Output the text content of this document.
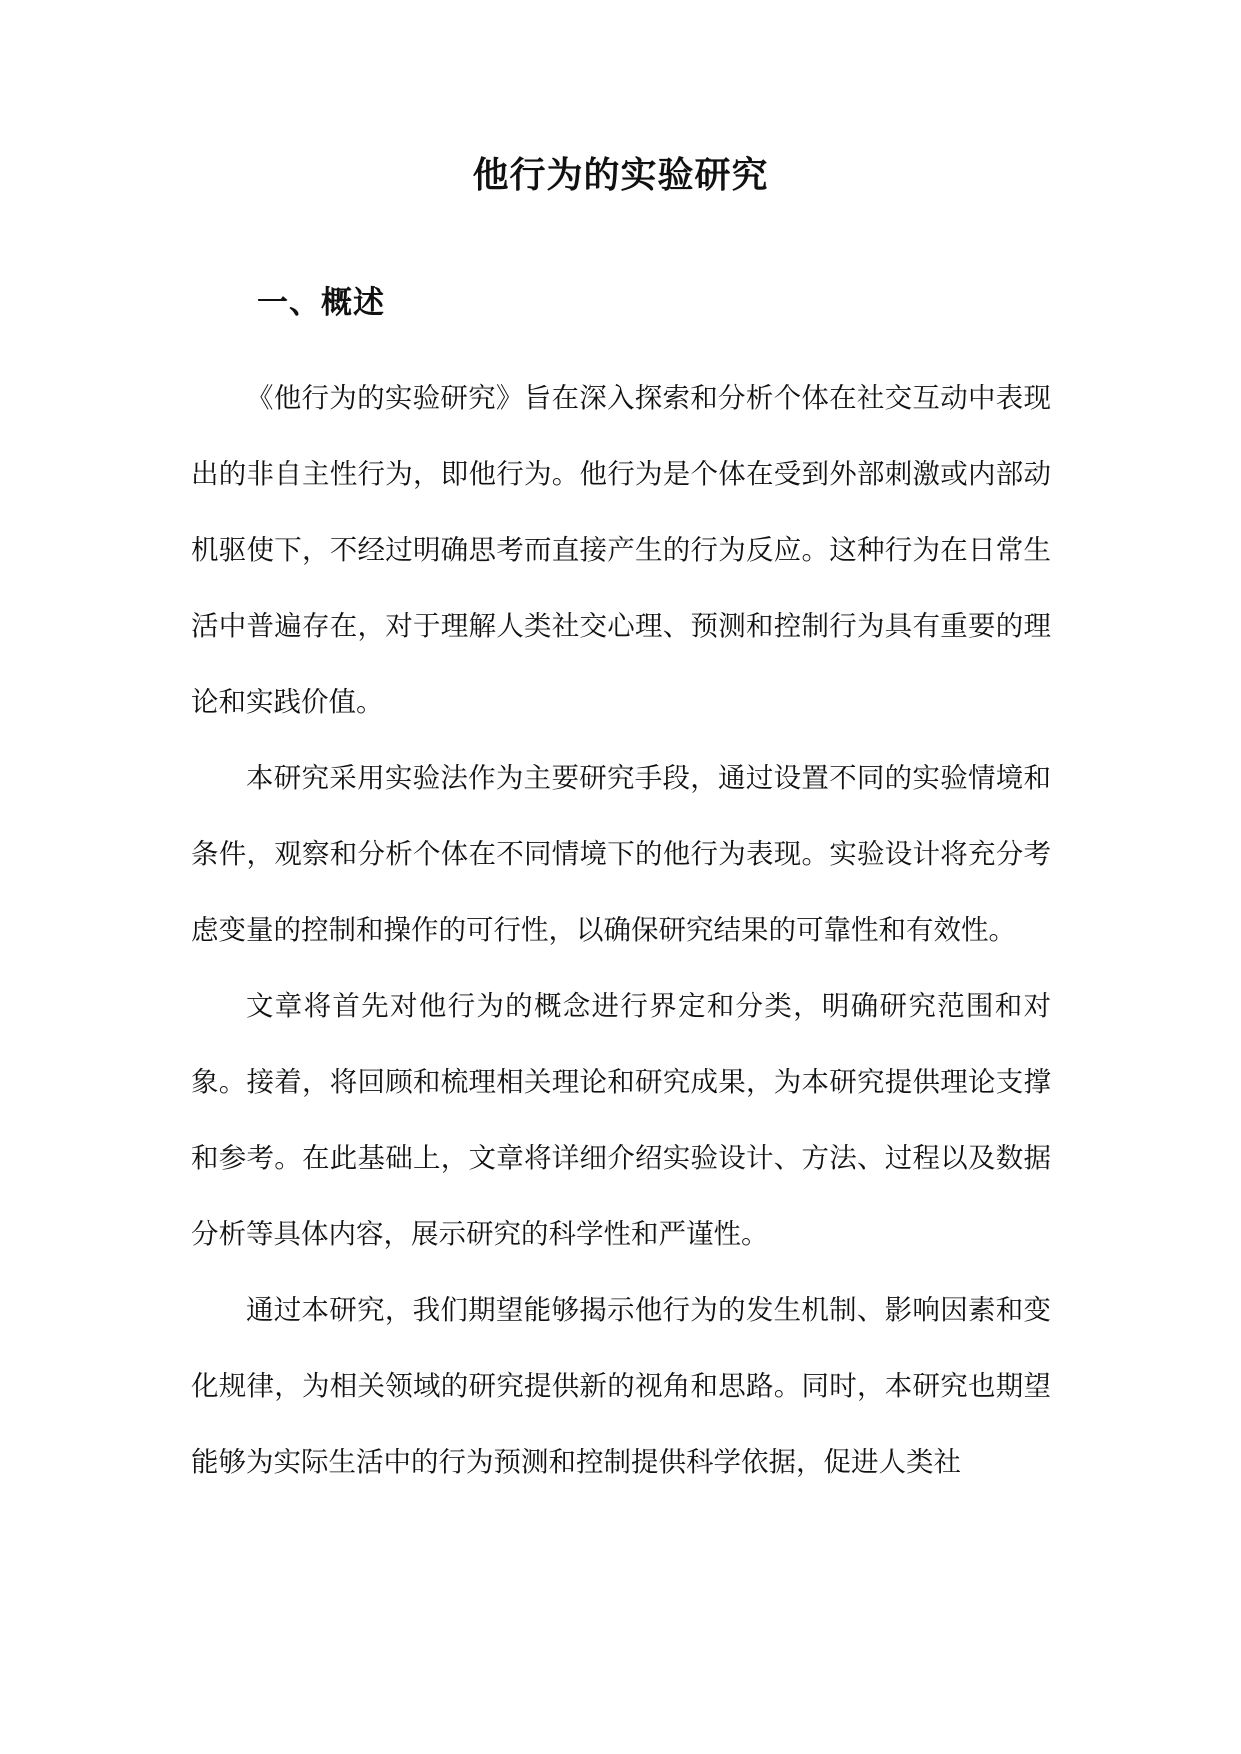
他行为的实验研究
一、概述

《他行为的实验研究》旨在深入探索和分析个体在社交互动中表现出的非自主性行为，即他行为。他行为是个体在受到外部刺激或内部动机驱使下，不经过明确思考而直接产生的行为反应。这种行为在日常生活中普遍存在，对于理解人类社交心理、预测和控制行为具有重要的理论和实践价值。

本研究采用实验法作为主要研究手段，通过设置不同的实验情境和条件，观察和分析个体在不同情境下的他行为表现。实验设计将充分考虑变量的控制和操作的可行性，以确保研究结果的可靠性和有效性。

文章将首先对他行为的概念进行界定和分类，明确研究范围和对象。接着，将回顾和梳理相关理论和研究成果，为本研究提供理论支撑和参考。在此基础上，文章将详细介绍实验设计、方法、过程以及数据分析等具体内容，展示研究的科学性和严谨性。

通过本研究，我们期望能够揭示他行为的发生机制、影响因素和变化规律，为相关领域的研究提供新的视角和思路。同时，本研究也期望能够为实际生活中的行为预测和控制提供科学依据，促进人类社
